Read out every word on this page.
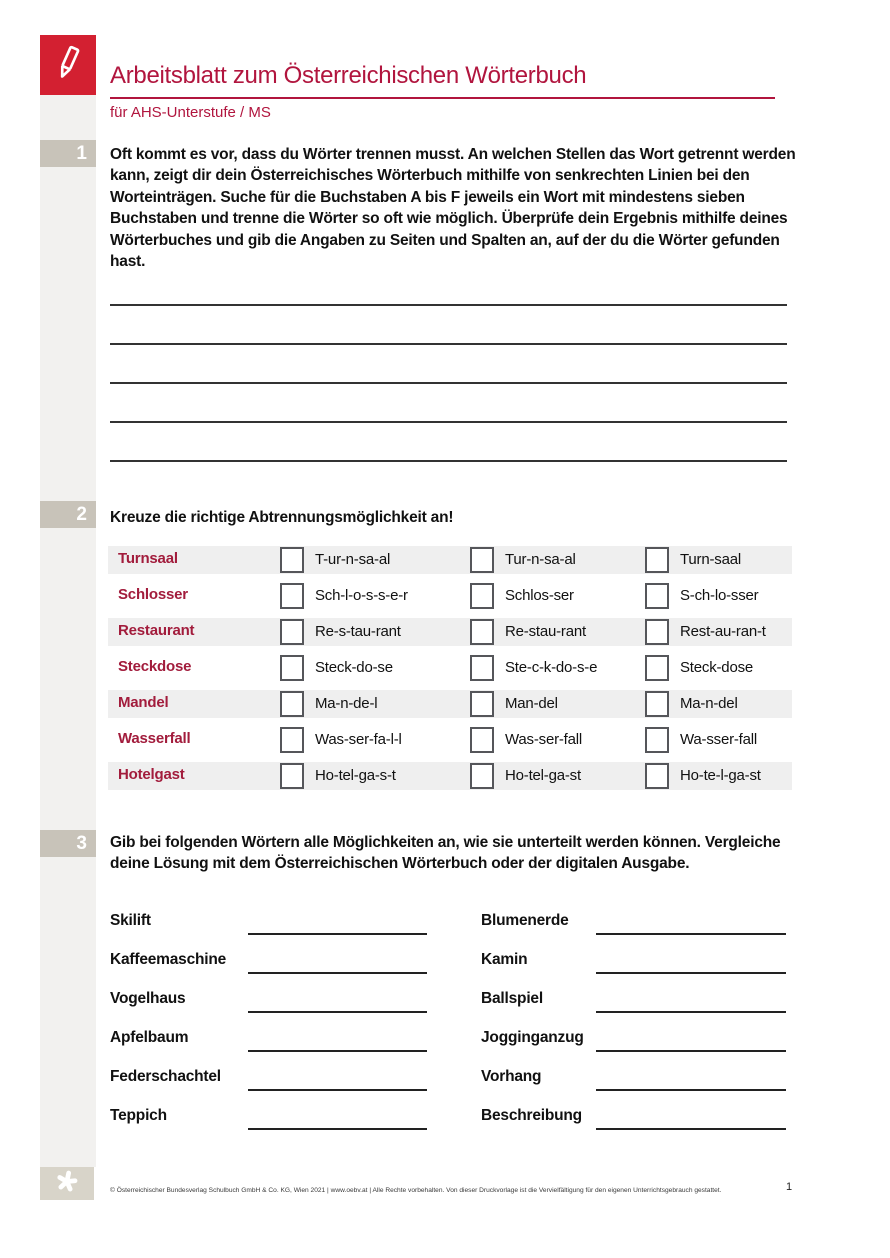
1
2
3
Arbeitsblatt zum Österreichischen Wörterbuch
für AHS-Unterstufe / MS
Oft kommt es vor, dass du Wörter trennen musst. An welchen Stellen das Wort getrennt werden kann, zeigt dir dein Österreichisches Wörterbuch mithilfe von senkrechten Linien bei den Worteinträgen. Suche für die Buchstaben A bis F jeweils ein Wort mit mindestens sieben Buchstaben und trenne die Wörter so oft wie möglich. Überprüfe dein Ergebnis mithilfe deines Wörterbuches und gib die Angaben zu Seiten und Spalten an, auf der du die Wörter gefunden hast.
Kreuze die richtige Abtrennungsmöglichkeit an!
Turnsaal	T-ur-n-sa-al	Tur-n-sa-al	Turn-saal
Schlosser	Sch-l-o-s-s-e-r	Schlos-ser	S-ch-lo-sser
Restaurant	Re-s-tau-rant	Re-stau-rant	Rest-au-ran-t
Steckdose	Steck-do-se	Ste-c-k-do-s-e	Steck-dose
Mandel	Ma-n-de-l	Man-del	Ma-n-del
Wasserfall	Was-ser-fa-l-l	Was-ser-fall	Wa-sser-fall
Hotelgast	Ho-tel-ga-s-t	Ho-tel-ga-st	Ho-te-l-ga-st
Gib bei folgenden Wörtern alle Möglichkeiten an, wie sie unterteilt werden können. Vergleiche deine Lösung mit dem Österreichischen Wörterbuch oder der digitalen Ausgabe.
Skilift	Blumenerde
Kaffeemaschine	Kamin
Vogelhaus	Ballspiel
Apfelbaum	Jogginganzug
Federschachtel	Vorhang
Teppich	Beschreibung
© Österreichischer Bundesverlag Schulbuch GmbH & Co. KG, Wien 2021 | www.oebv.at | Alle Rechte vorbehalten. Von dieser Druckvorlage ist die Vervielfältigung für den eigenen Unterrichtsgebrauch gestattet.	1
